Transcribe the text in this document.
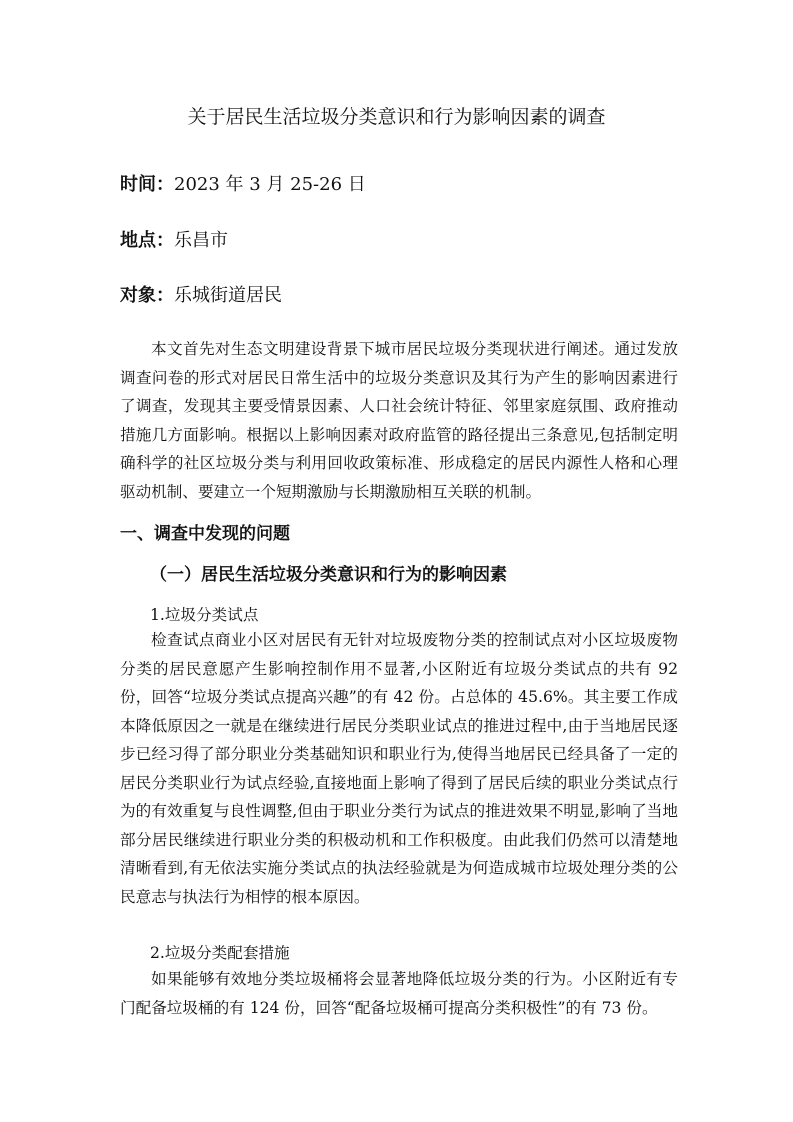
关于居民生活垃圾分类意识和行为影响因素的调查
时间：2023 年 3 月 25-26 日
地点：乐昌市
对象：乐城街道居民

本文首先对生态文明建设背景下城市居民垃圾分类现状进行阐述。通过发放调查问卷的形式对居民日常生活中的垃圾分类意识及其行为产生的影响因素进行了调查，发现其主要受情景因素、人口社会统计特征、邻里家庭氛围、政府推动措施几方面影响。根据以上影响因素对政府监管的路径提出三条意见,包括制定明确科学的社区垃圾分类与利用回收政策标准、形成稳定的居民内源性人格和心理驱动机制、要建立一个短期激励与长期激励相互关联的机制。

一、调查中发现的问题
（一）居民生活垃圾分类意识和行为的影响因素
1.垃圾分类试点

检查试点商业小区对居民有无针对垃圾废物分类的控制试点对小区垃圾废物分类的居民意愿产生影响控制作用不显著,小区附近有垃圾分类试点的共有 92 份，回答“垃圾分类试点提高兴趣”的有 42 份。占总体的 45.6%。其主要工作成本降低原因之一就是在继续进行居民分类职业试点的推进过程中,由于当地居民逐步已经习得了部分职业分类基础知识和职业行为,使得当地居民已经具备了一定的居民分类职业行为试点经验,直接地面上影响了得到了居民后续的职业分类试点行为的有效重复与良性调整,但由于职业分类行为试点的推进效果不明显,影响了当地部分居民继续进行职业分类的积极动机和工作积极度。由此我们仍然可以清楚地清晰看到,有无依法实施分类试点的执法经验就是为何造成城市垃圾处理分类的公民意志与执法行为相悖的根本原因。

2.垃圾分类配套措施

如果能够有效地分类垃圾桶将会显著地降低垃圾分类的行为。小区附近有专门配备垃圾桶的有 124 份，回答“配备垃圾桶可提高分类积极性”的有 73 份。
